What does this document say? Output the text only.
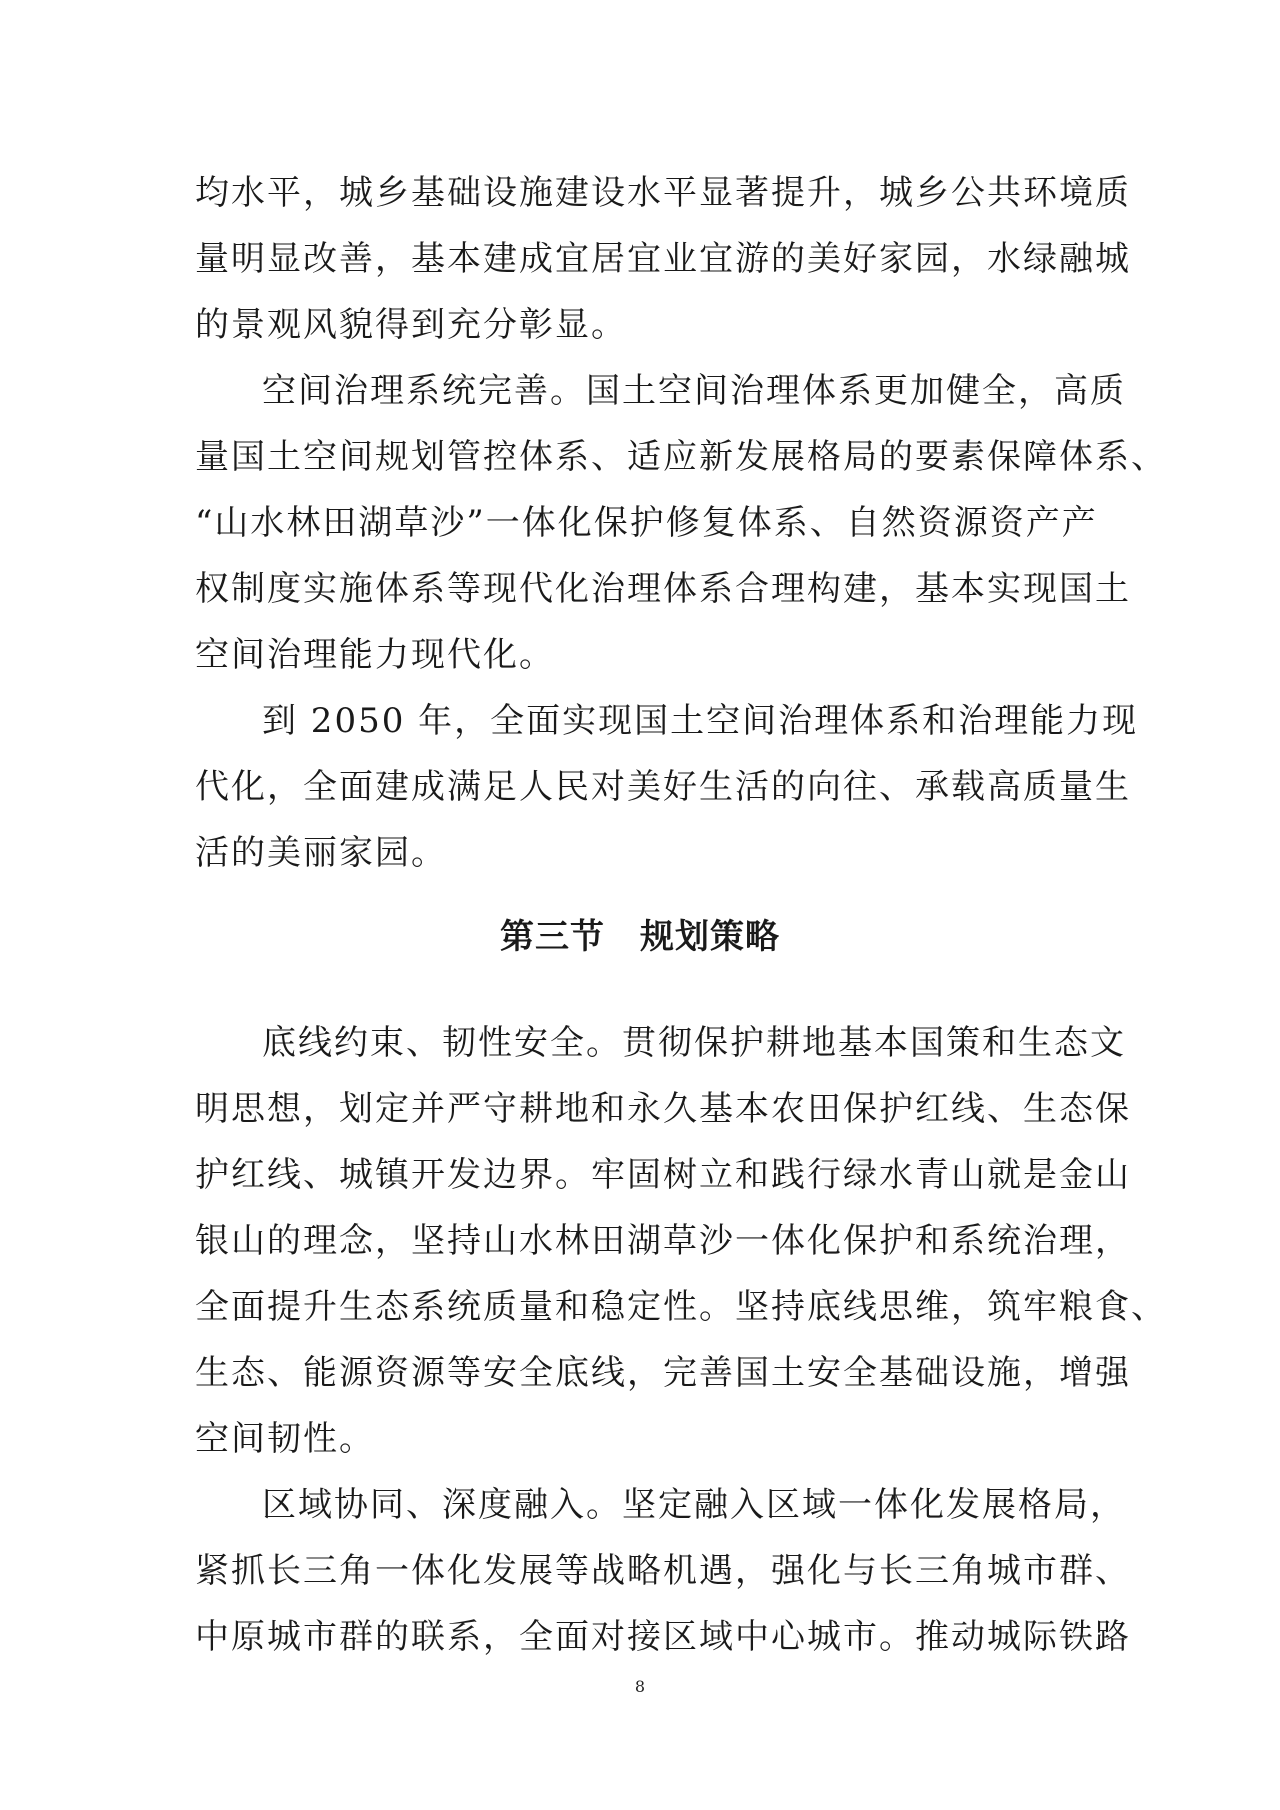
均水平，城乡基础设施建设水平显著提升，城乡公共环境质
量明显改善，基本建成宜居宜业宜游的美好家园，水绿融城
的景观风貌得到充分彰显。
空间治理系统完善。国土空间治理体系更加健全，高质
量国土空间规划管控体系、适应新发展格局的要素保障体系、
“山水林田湖草沙”一体化保护修复体系、自然资源资产产
权制度实施体系等现代化治理体系合理构建，基本实现国土
空间治理能力现代化。
到 2050 年，全面实现国土空间治理体系和治理能力现
代化，全面建成满足人民对美好生活的向往、承载高质量生
活的美丽家园。
第三节　规划策略
底线约束、韧性安全。贯彻保护耕地基本国策和生态文
明思想，划定并严守耕地和永久基本农田保护红线、生态保
护红线、城镇开发边界。牢固树立和践行绿水青山就是金山
银山的理念，坚持山水林田湖草沙一体化保护和系统治理，
全面提升生态系统质量和稳定性。坚持底线思维，筑牢粮食、
生态、能源资源等安全底线，完善国土安全基础设施，增强
空间韧性。
区域协同、深度融入。坚定融入区域一体化发展格局，
紧抓长三角一体化发展等战略机遇，强化与长三角城市群、
中原城市群的联系，全面对接区域中心城市。推动城际铁路
8
